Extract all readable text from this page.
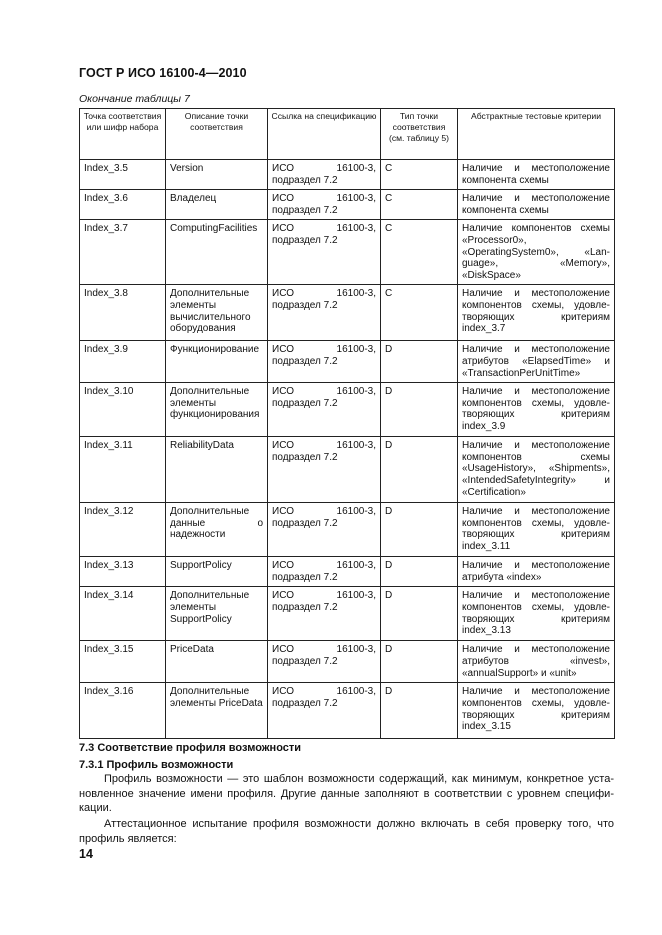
ГОСТ Р ИСО 16100-4—2010
Окончание таблицы 7
Точка соответствия или шифр набора	Описание точки соответствия	Ссылка на спецификацию	Тип точки соответствия (см. таблицу 5)	Абстрактные тестовые критерии
Index_3.5	Version	ИСО 16100-3, подраздел 7.2	C	Наличие и местоположение компонента схемы
Index_3.6	Владелец	ИСО 16100-3, подраздел 7.2	C	Наличие и местоположение компонента схемы
Index_3.7	ComputingFacilities	ИСО 16100-3, подраздел 7.2	C	Наличие компонентов схемы «Processor0», «OperatingSystem0», «Lan-guage», «Memory», «DiskSpace»
Index_3.8	Дополнительные элементы вычислительного оборудования	ИСО 16100-3, подраздел 7.2	C	Наличие и местоположение компонентов схемы, удовле-творяющих критериям index_3.7
Index_3.9	Функционирование	ИСО 16100-3, подраздел 7.2	D	Наличие и местоположение атрибутов «ElapsedTime» и «TransactionPerUnitTime»
Index_3.10	Дополнительные элементы функционирования	ИСО 16100-3, подраздел 7.2	D	Наличие и местоположение компонентов схемы, удовле-творяющих критериям index_3.9
Index_3.11	ReliabilityData	ИСО 16100-3, подраздел 7.2	D	Наличие и местоположение компонентов схемы «UsageHistory», «Shipments», «IntendedSafetyIntegrity» и «Certification»
Index_3.12	Дополнительные данные о надежности	ИСО 16100-3, подраздел 7.2	D	Наличие и местоположение компонентов схемы, удовле-творяющих критериям index_3.11
Index_3.13	SupportPolicy	ИСО 16100-3, подраздел 7.2	D	Наличие и местоположение атрибута «index»
Index_3.14	Дополнительные элементы SupportPolicy	ИСО 16100-3, подраздел 7.2	D	Наличие и местоположение компонентов схемы, удовле-творяющих критериям index_3.13
Index_3.15	PriceData	ИСО 16100-3, подраздел 7.2	D	Наличие и местоположение атрибутов «invest», «annualSupport» и «unit»
Index_3.16	Дополнительные элементы PriceData	ИСО 16100-3, подраздел 7.2	D	Наличие и местоположение компонентов схемы, удовле-творяющих критериям index_3.15
7.3 Соответствие профиля возможности
7.3.1 Профиль возможности
Профиль возможности — это шаблон возможности содержащий, как минимум, конкретное уста-новленное значение имени профиля. Другие данные заполняют в соответствии с уровнем специфи-кации.
Аттестационное испытание профиля возможности должно включать в себя проверку того, что профиль является:
14
